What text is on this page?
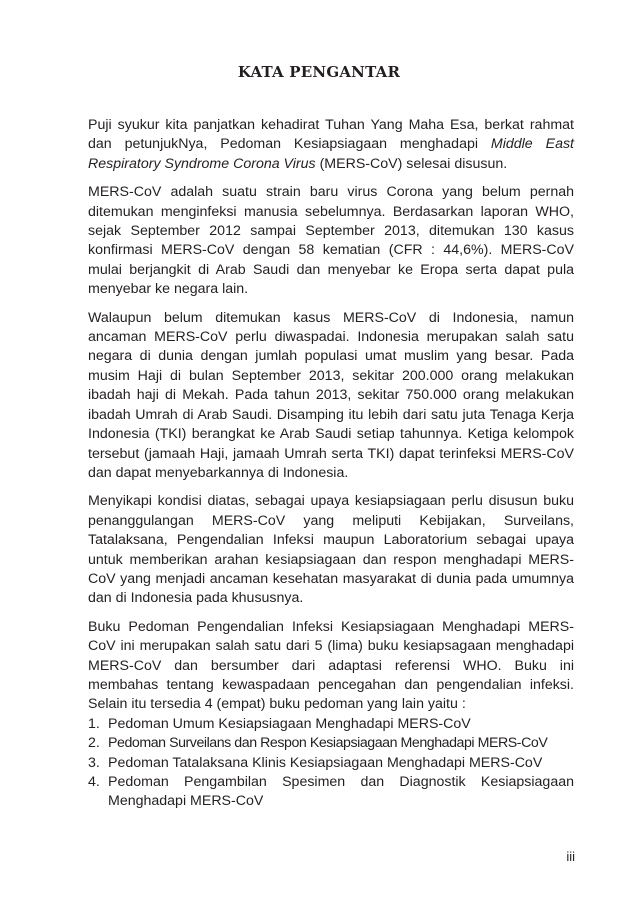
KATA PENGANTAR

Puji syukur kita panjatkan kehadirat Tuhan Yang Maha Esa, berkat rahmat dan petunjukNya, Pedoman Kesiapsiagaan menghadapi Middle East Respiratory Syndrome Corona Virus (MERS-CoV) selesai disusun.

MERS-CoV adalah suatu strain baru virus Corona yang belum pernah ditemukan menginfeksi manusia sebelumnya. Berdasarkan laporan WHO, sejak September 2012 sampai September 2013, ditemukan 130 kasus konfirmasi MERS-CoV dengan 58 kematian (CFR : 44,6%). MERS-CoV mulai berjangkit di Arab Saudi dan menyebar ke Eropa serta dapat pula menyebar ke negara lain.

Walaupun belum ditemukan kasus MERS-CoV di Indonesia, namun ancaman MERS-CoV perlu diwaspadai. Indonesia merupakan salah satu negara di dunia dengan jumlah populasi umat muslim yang besar. Pada musim Haji di bulan September 2013, sekitar 200.000 orang melakukan ibadah haji di Mekah. Pada tahun 2013, sekitar 750.000 orang melakukan ibadah Umrah di Arab Saudi. Disamping itu lebih dari satu juta Tenaga Kerja Indonesia (TKI) berangkat ke Arab Saudi setiap tahunnya. Ketiga kelompok tersebut (jamaah Haji, jamaah Umrah serta TKI) dapat terinfeksi MERS-CoV dan dapat menyebarkannya di Indonesia.

Menyikapi kondisi diatas, sebagai upaya kesiapsiagaan perlu disusun buku penanggulangan MERS-CoV yang meliputi Kebijakan, Surveilans, Tatalaksana, Pengendalian Infeksi maupun Laboratorium sebagai upaya untuk memberikan arahan kesiapsiagaan dan respon menghadapi MERS-CoV yang menjadi ancaman kesehatan masyarakat di dunia pada umumnya dan di Indonesia pada khususnya.

Buku Pedoman Pengendalian Infeksi Kesiapsiagaan Menghadapi MERS-CoV ini merupakan salah satu dari 5 (lima) buku kesiapsagaan menghadapi MERS-CoV dan bersumber dari adaptasi referensi WHO. Buku ini membahas tentang kewaspadaan pencegahan dan pengendalian infeksi. Selain itu tersedia 4 (empat) buku pedoman yang lain yaitu :

1. Pedoman Umum Kesiapsiagaan Menghadapi MERS-CoV
2. Pedoman Surveilans dan Respon Kesiapsiagaan Menghadapi MERS-CoV
3. Pedoman Tatalaksana Klinis Kesiapsiagaan Menghadapi MERS-CoV
4. Pedoman Pengambilan Spesimen dan Diagnostik Kesiapsiagaan Menghadapi MERS-CoV
iii
